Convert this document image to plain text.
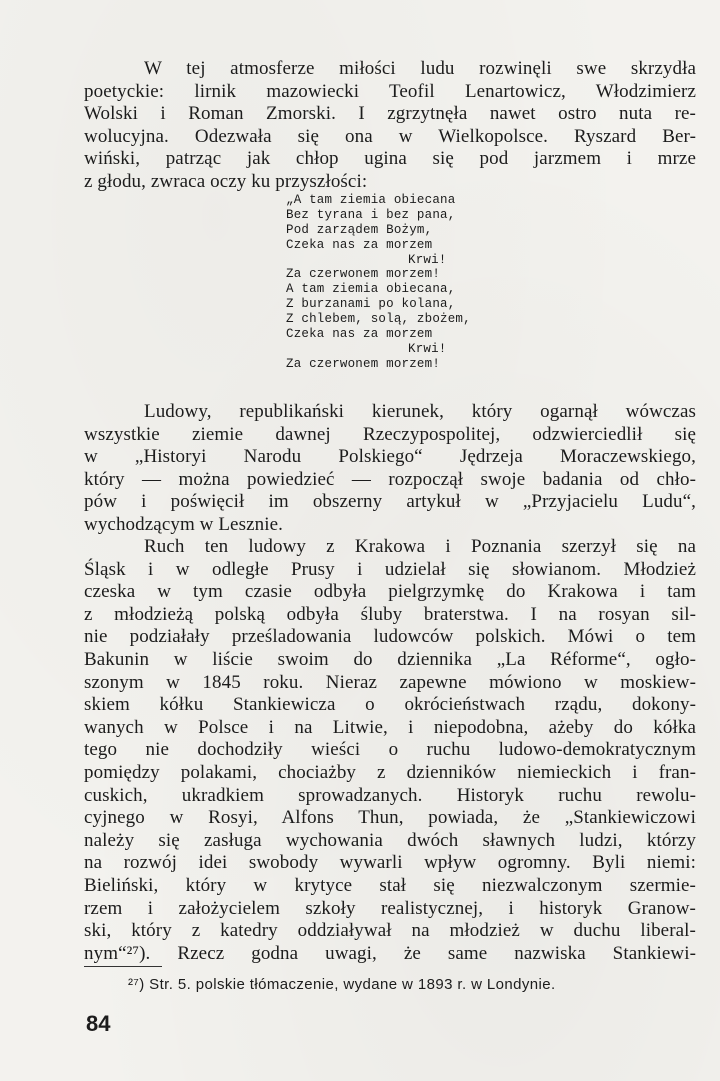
W tej atmosferze miłości ludu rozwinęli swe skrzydła
poetyckie: lirnik mazowiecki Teofil Lenartowicz, Włodzimierz
Wolski i Roman Zmorski. I zgrzytnęła nawet ostro nuta re-
wolucyjna. Odezwała się ona w Wielkopolsce. Ryszard Ber-
wiński, patrząc jak chłop ugina się pod jarzmem i mrze
z głodu, zwraca oczy ku przyszłości:
„A tam ziemia obiecana
Bez tyrana i bez pana,
Pod zarządem Bożym,
Czeka nas za morzem
Krwi!
Za czerwonem morzem!
A tam ziemia obiecana,
Z burzanami po kolana,
Z chlebem, solą, zbożem,
Czeka nas za morzem
Krwi!
Za czerwonem morzem!
Ludowy, republikański kierunek, który ogarnął wówczas
wszystkie ziemie dawnej Rzeczypospolitej, odzwierciedlił się
w „Historyi Narodu Polskiego“ Jędrzeja Moraczewskiego,
który — można powiedzieć — rozpoczął swoje badania od chło-
pów i poświęcił im obszerny artykuł w „Przyjacielu Ludu“,
wychodzącym w Lesznie.
Ruch ten ludowy z Krakowa i Poznania szerzył się na
Śląsk i w odległe Prusy i udzielał się słowianom. Młodzież
czeska w tym czasie odbyła pielgrzymkę do Krakowa i tam
z młodzieżą polską odbyła śluby braterstwa. I na rosyan sil-
nie podziałały prześladowania ludowców polskich. Mówi o tem
Bakunin w liście swoim do dziennika „La Réforme“, ogło-
szonym w 1845 roku. Nieraz zapewne mówiono w moskiew-
skiem kółku Stankiewicza o okrócieństwach rządu, dokony-
wanych w Polsce i na Litwie, i niepodobna, ażeby do kółka
tego nie dochodziły wieści o ruchu ludowo-demokratycznym
pomiędzy polakami, chociażby z dzienników niemieckich i fran-
cuskich, ukradkiem sprowadzanych. Historyk ruchu rewolu-
cyjnego w Rosyi, Alfons Thun, powiada, że „Stankiewiczowi
należy się zasługa wychowania dwóch sławnych ludzi, którzy
na rozwój idei swobody wywarli wpływ ogromny. Byli niemi:
Bieliński, który w krytyce stał się niezwalczonym szermie-
rzem i założycielem szkoły realistycznej, i historyk Granow-
ski, który z katedry oddziaływał na młodzież w duchu liberal-
nym“²⁷). Rzecz godna uwagi, że same nazwiska Stankiewi-
²⁷) Str. 5. polskie tłómaczenie, wydane w 1893 r. w Londynie.
84
